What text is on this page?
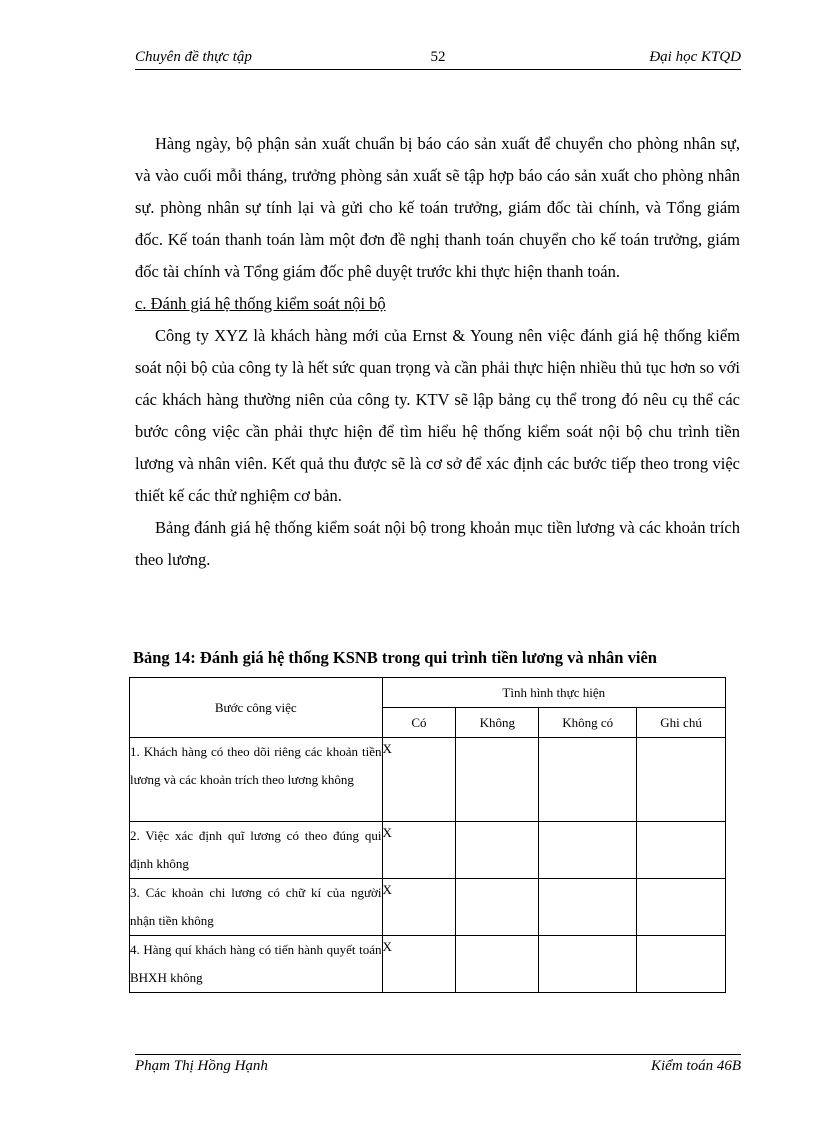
Chuyên đề thực tập	52	Đại học KTQD

Hàng ngày, bộ phận sản xuất chuẩn bị báo cáo sản xuất để chuyển cho phòng nhân sự, và vào cuối mỗi tháng, trưởng phòng sản xuất sẽ tập hợp báo cáo sản xuất cho phòng nhân sự. phòng nhân sự tính lại và gửi cho kế toán trưởng, giám đốc tài chính, và Tổng giám đốc. Kế toán thanh toán làm một đơn đề nghị thanh toán chuyển cho kế toán trưởng, giám đốc tài chính và Tổng giám đốc phê duyệt trước khi thực hiện thanh toán.

c. Đánh giá hệ thống kiểm soát nội bộ

Công ty XYZ là khách hàng mới của Ernst & Young nên việc đánh giá hệ thống kiểm soát nội bộ của công ty là hết sức quan trọng và cần phải thực hiện nhiều thủ tục hơn so với các khách hàng thường niên của công ty. KTV sẽ lập bảng cụ thể trong đó nêu cụ thể các bước công việc cần phải thực hiện để tìm hiểu hệ thống kiểm soát nội bộ chu trình tiền lương và nhân viên. Kết quả thu được sẽ là cơ sở để xác định các bước tiếp theo trong việc thiết kế các thử nghiệm cơ bản.

Bảng đánh giá hệ thống kiểm soát nội bộ trong khoản mục tiền lương và các khoản trích theo lương.

Bảng 14: Đánh giá hệ thống KSNB trong qui trình tiền lương và nhân viên
Bước công việc	Tình hình thực hiện			
	Có	Không	Không có	Ghi chú
1. Khách hàng có theo dõi riêng các khoản tiền lương và các khoản trích theo lương không	X			
2. Việc xác định quĩ lương có theo đúng qui định không	X			
3. Các khoản chi lương có chữ kí của người nhận tiền không	X			
4. Hàng quí khách hàng có tiến hành quyết toán BHXH không	X			
Phạm Thị Hồng Hạnh	Kiểm toán 46B
